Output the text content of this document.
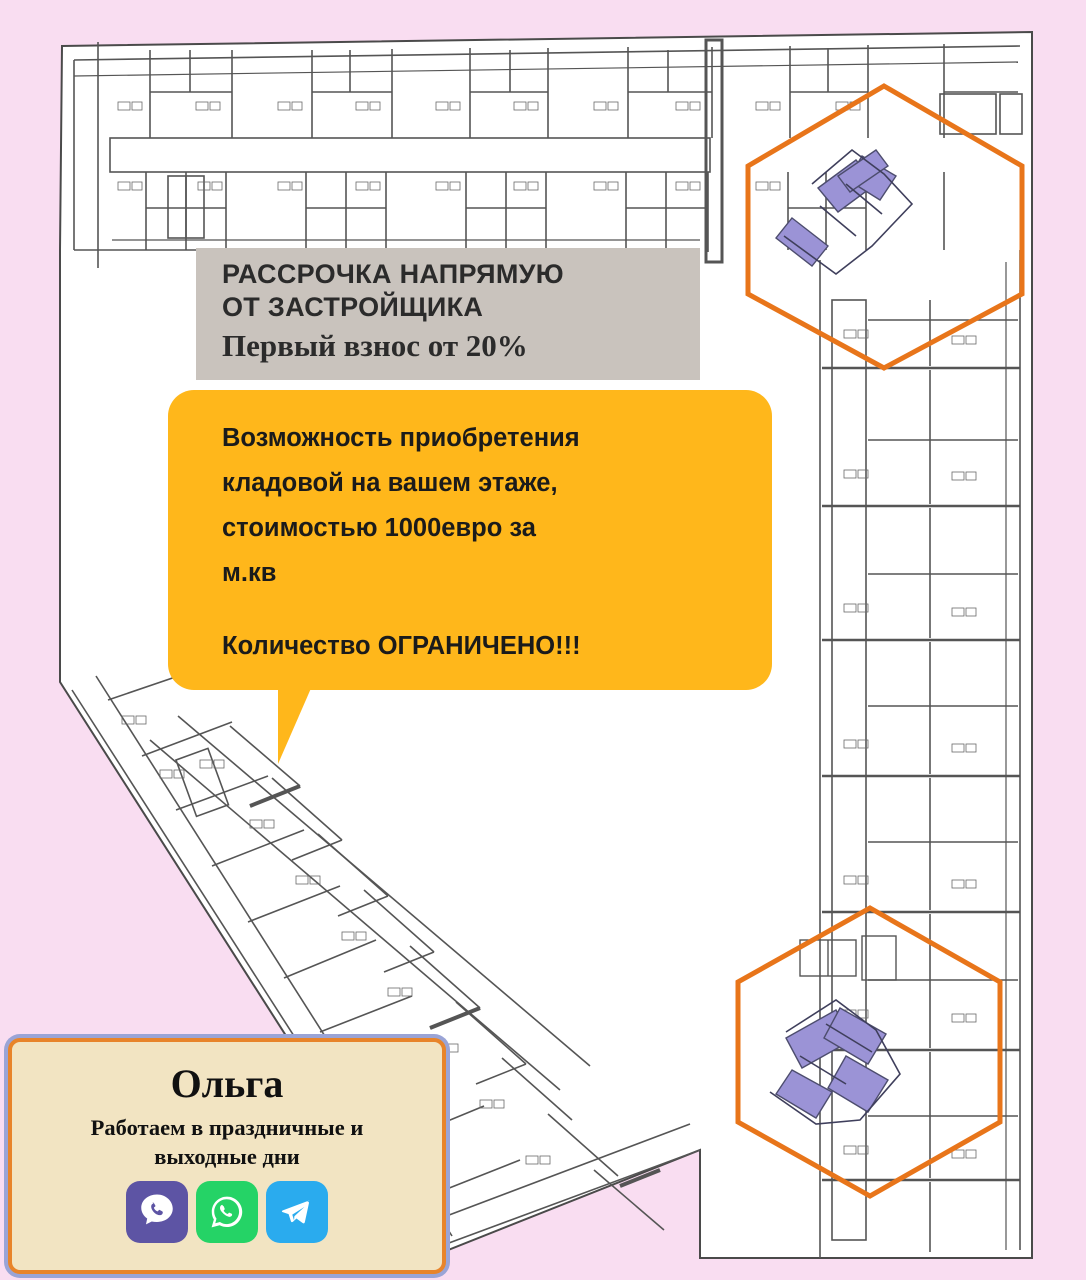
РАССРОЧКА НАПРЯМУЮ
ОТ ЗАСТРОЙЩИКА
Первый взнос от 20%
Возможность приобретения
кладовой на вашем этаже,
стоимостью 1000евро за
м.кв
Количество ОГРАНИЧЕНО!!!
Ольга
Работаем в праздничные и
выходные дни
